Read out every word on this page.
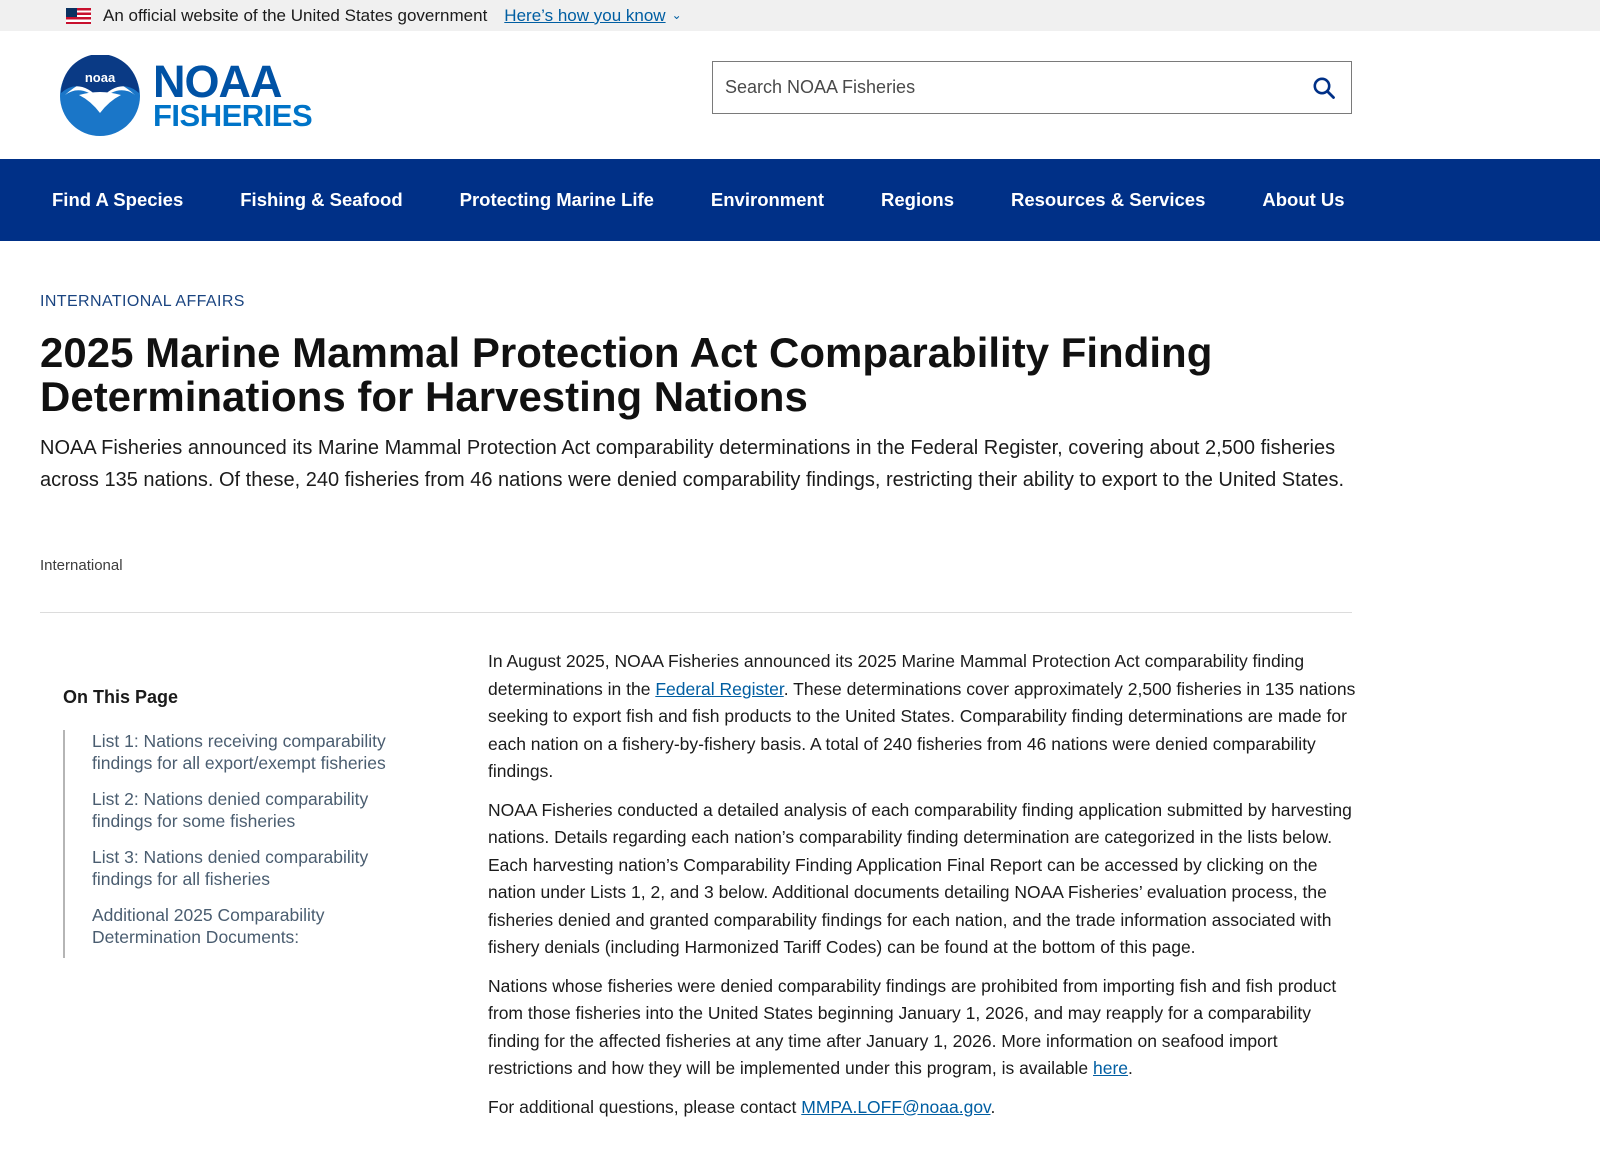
An official website of the United States government Here’s how you know ⌄
noaa NOAA
FISHERIES
Search NOAA Fisheries
Find A Species	Fishing & Seafood	Protecting Marine Life	Environment	Regions	Resources & Services	About Us
INTERNATIONAL AFFAIRS
2025 Marine Mammal Protection Act Comparability Finding Determinations for Harvesting Nations

NOAA Fisheries announced its Marine Mammal Protection Act comparability determinations in the Federal Register, covering about 2,500 fisheries across 135 nations. Of these, 240 fisheries from 46 nations were denied comparability findings, restricting their ability to export to the United States.

International
On This Page
List 1: Nations receiving comparability findings for all export/exempt fisheries
List 2: Nations denied comparability findings for some fisheries
List 3: Nations denied comparability findings for all fisheries
Additional 2025 Comparability Determination Documents:

In August 2025, NOAA Fisheries announced its 2025 Marine Mammal Protection Act comparability finding determinations in the Federal Register. These determinations cover approximately 2,500 fisheries in 135 nations seeking to export fish and fish products to the United States. Comparability finding determinations are made for each nation on a fishery-by-fishery basis. A total of 240 fisheries from 46 nations were denied comparability findings.

NOAA Fisheries conducted a detailed analysis of each comparability finding application submitted by harvesting nations. Details regarding each nation’s comparability finding determination are categorized in the lists below. Each harvesting nation’s Comparability Finding Application Final Report can be accessed by clicking on the nation under Lists 1, 2, and 3 below. Additional documents detailing NOAA Fisheries’ evaluation process, the fisheries denied and granted comparability findings for each nation, and the trade information associated with fishery denials (including Harmonized Tariff Codes) can be found at the bottom of this page.

Nations whose fisheries were denied comparability findings are prohibited from importing fish and fish product from those fisheries into the United States beginning January 1, 2026, and may reapply for a comparability finding for the affected fisheries at any time after January 1, 2026. More information on seafood import restrictions and how they will be implemented under this program, is available here.

For additional questions, please contact MMPA.LOFF@noaa.gov.
